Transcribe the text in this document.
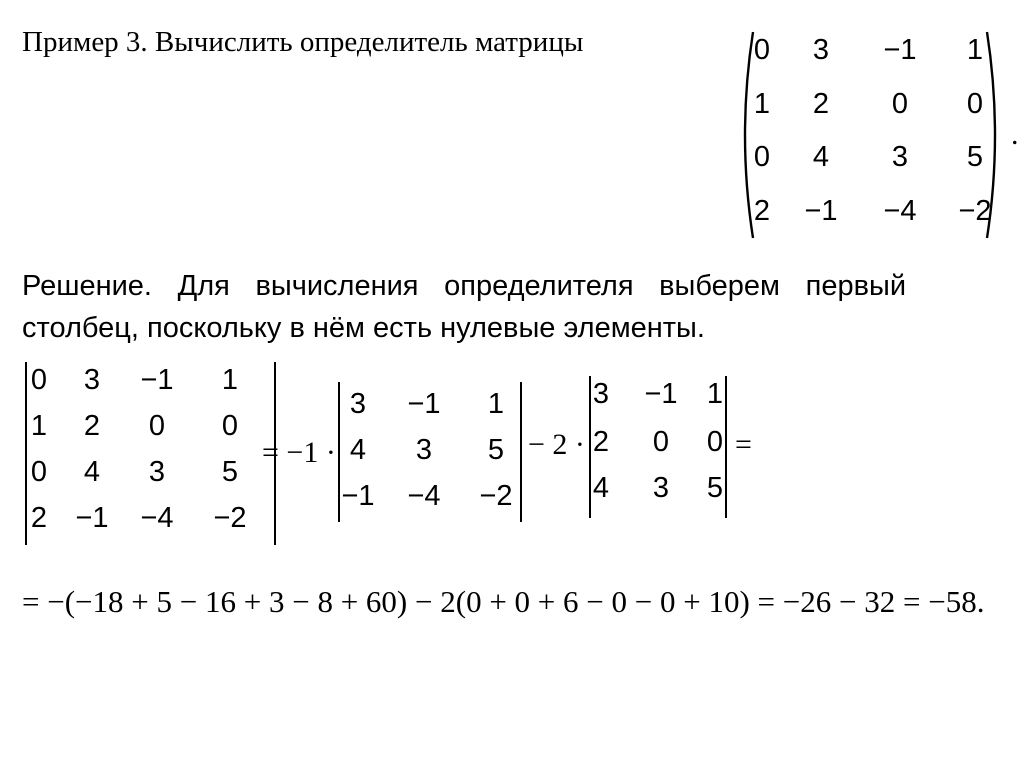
Пример 3. Вычислить определитель матрицы	0 3 −1 1
1 2 0 0
0 4 3 5
2 −1 −4 −2
.
Решение. Для вычисления определителя выберем первый
столбец, поскольку в нём есть нулевые элементы.
0 3 −1 1
1 2 0 0
0 4 3 5
2 −1 −4 −2
= −1 ·
3 −1 1
4 3 5
−1 −4 −2
− 2 ·
3 −1 1
2 0 0
4 3 5
=
= −(−18 + 5 − 16 + 3 − 8 + 60) − 2(0 + 0 + 6 − 0 − 0 + 10) = −26 − 32 = −58.
